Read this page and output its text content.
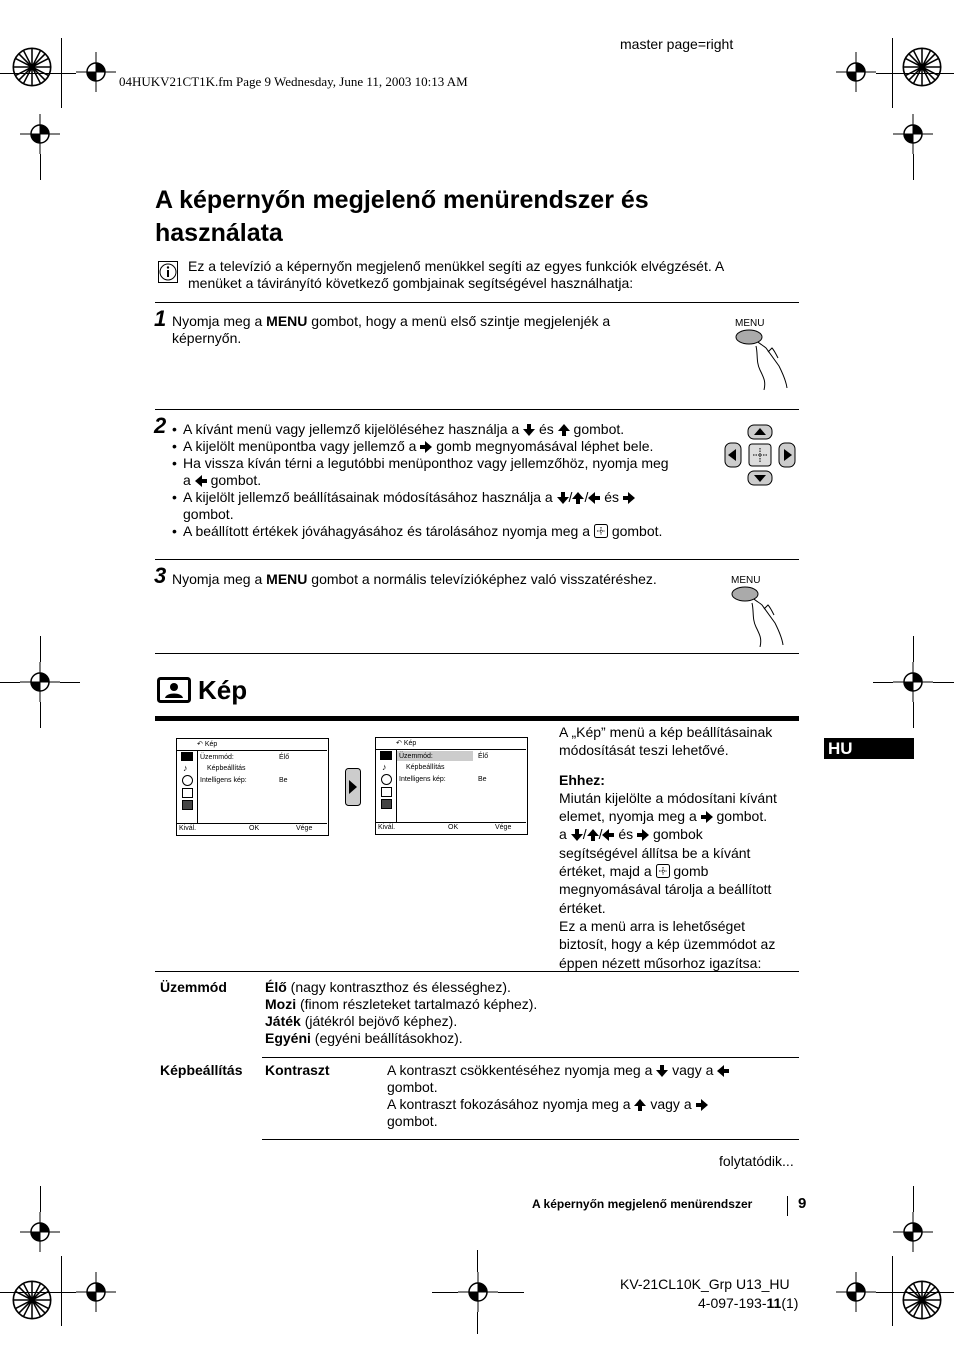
master page=right
04HUKV21CT1K.fm Page 9 Wednesday, June 11, 2003 10:13 AM
A képernyőn megjelenő menürendszer és
használata
Ez a televízió a képernyőn megjelenő menükkel segíti az egyes funkciók elvégzését. A
menüket a távirányító következő gombjainak segítségével használhatja:
1 Nyomja meg a MENU gombot, hogy a menü első szintje megjelenjék a
képernyőn.
MENU
2
•	A kívánt menü vagy jellemző kijelöléséhez használja a és gombot.
• A kijelölt menüpontba vagy jellemző a gomb megnyomásával léphet bele.
• Ha vissza kíván térni a legutóbbi menüponthoz vagy jellemzőhöz, nyomja meg
a gombot.
• A kijelölt jellemző beállításainak módosításához használja a / / és
gombot.
• A beállított értékek jóváhagyásához és tárolásához nyomja meg a gombot.
3 Nyomja meg a MENU gombot a normális televízióképhez való visszatéréshez.	MENU
Kép
HU
↶ Kép
♪
Üzemmód:	Élő
Képbeállítás
Intelligens kép:	Be
Kivál.	OK	Vége
↶ Kép
♪
Üzemmód:	Élő
Képbeállítás
Intelligens kép:	Be
Kivál.	OK	Vége
A „Kép” menü a kép beállításainak
módosítását teszi lehetővé.
Ehhez:
Miután kijelölte a módosítani kívánt
elemet, nyomja meg a gombot.
a / / és gombok
segítségével állítsa be a kívánt
értéket, majd a gomb
megnyomásával tárolja a beállított
értéket.
Ez a menü arra is lehetőséget
biztosít, hogy a kép üzemmódot az
éppen nézett műsorhoz igazítsa:
Üzemmód	Élő (nagy kontraszthoz és élességhez).
Mozi (finom részleteket tartalmazó képhez).
Játék (játékról bejövő képhez).
Egyéni (egyéni beállításokhoz).
Képbeállítás Kontraszt	A kontraszt csökkentéséhez nyomja meg a vagy a
gombot.
A kontraszt fokozásához nyomja meg a vagy a
gombot.
folytatódik...
A képernyőn megjelenő menürendszer	9
KV-21CL10K_Grp U13_HU
4-097-193-11(1)
